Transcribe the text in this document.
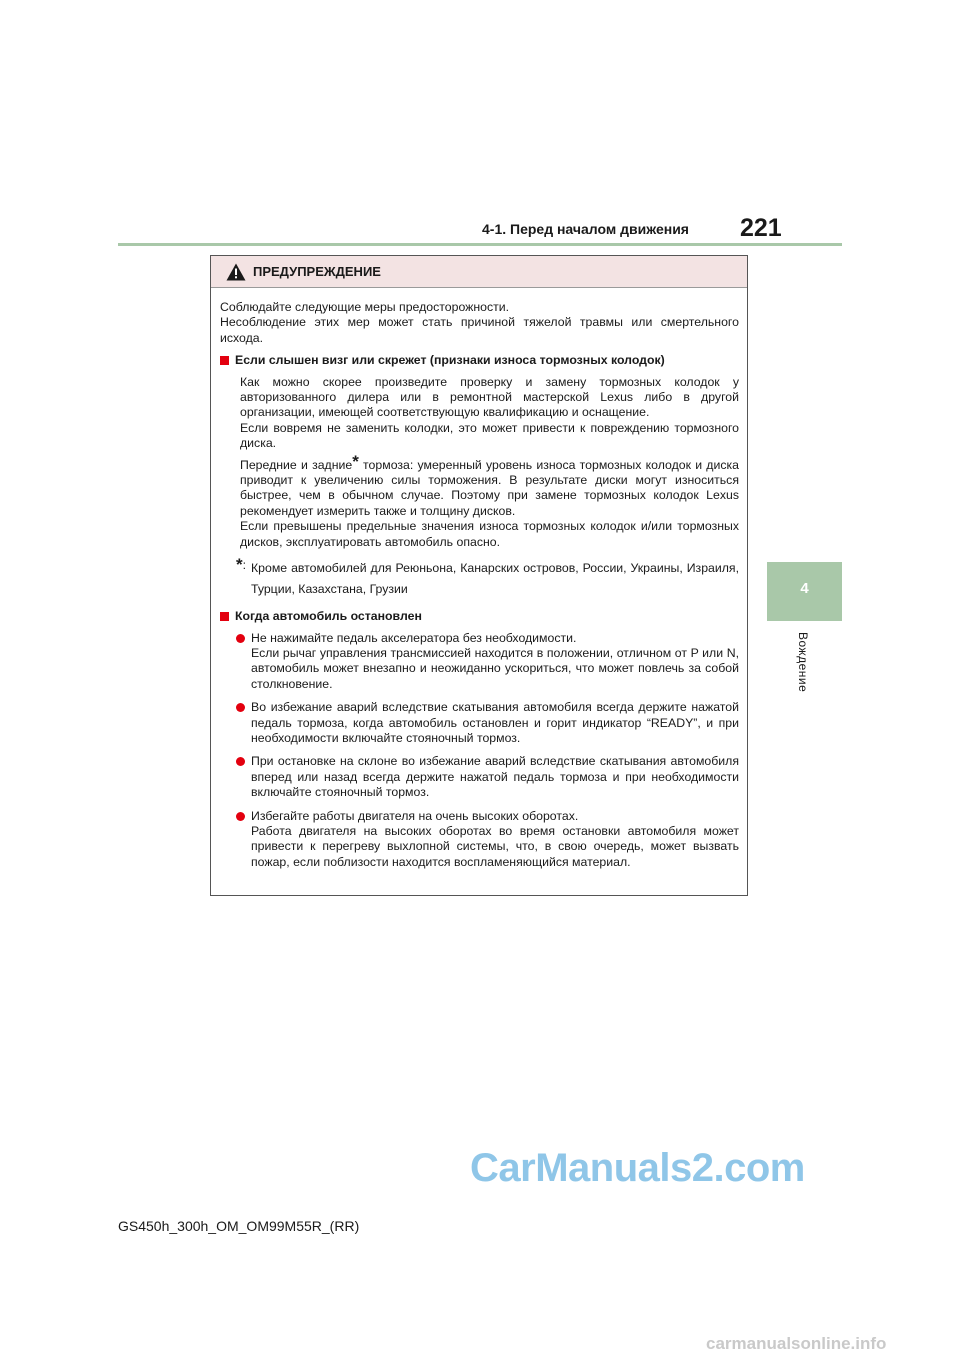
4-1. Перед началом движения 221
4
Вождение
ПРЕДУПРЕЖДЕНИЕ

Соблюдайте следующие меры предосторожности.

Несоблюдение этих мер может стать причиной тяжелой травмы или смертельного исхода.

Если слышен визг или скрежет (признаки износа тормозных колодок)

Как можно скорее произведите проверку и замену тормозных колодок у авторизованного дилера или в ремонтной мастерской Lexus либо в другой организации, имеющей соответствующую квалификацию и оснащение.

Если вовремя не заменить колодки, это может привести к повреждению тормозного диска.

Передние и задние* тормоза: умеренный уровень износа тормозных колодок и диска приводит к увеличению силы торможения. В результате диски могут износиться быстрее, чем в обычном случае. Поэтому при замене тормозных колодок Lexus рекомендует измерить также и толщину дисков.

Если превышены предельные значения износа тормозных колодок и/или тормозных дисков, эксплуатировать автомобиль опасно.

*: Кроме автомобилей для Реюньона, Канарских островов, России, Украины, Израиля, Турции, Казахстана, Грузии
Когда автомобиль остановлен

Не нажимайте педаль акселератора без необходимости.
Если рычаг управления трансмиссией находится в положении, отличном от P или N, автомобиль может внезапно и неожиданно ускориться, что может повлечь за собой столкновение.

Во избежание аварий вследствие скатывания автомобиля всегда держите нажатой педаль тормоза, когда автомобиль остановлен и горит индикатор “READY”, и при необходимости включайте стояночный тормоз.

При остановке на склоне во избежание аварий вследствие скатывания автомобиля вперед или назад всегда держите нажатой педаль тормоза и при необходимости включайте стояночный тормоз.

Избегайте работы двигателя на очень высоких оборотах.
Работа двигателя на высоких оборотах во время остановки автомобиля может привести к перегреву выхлопной системы, что, в свою очередь, может вызвать пожар, если поблизости находится воспламеняющийся материал.

GS450h_300h_OM_OM99M55R_(RR)
CarManuals2.com
carmanualsonline.info
